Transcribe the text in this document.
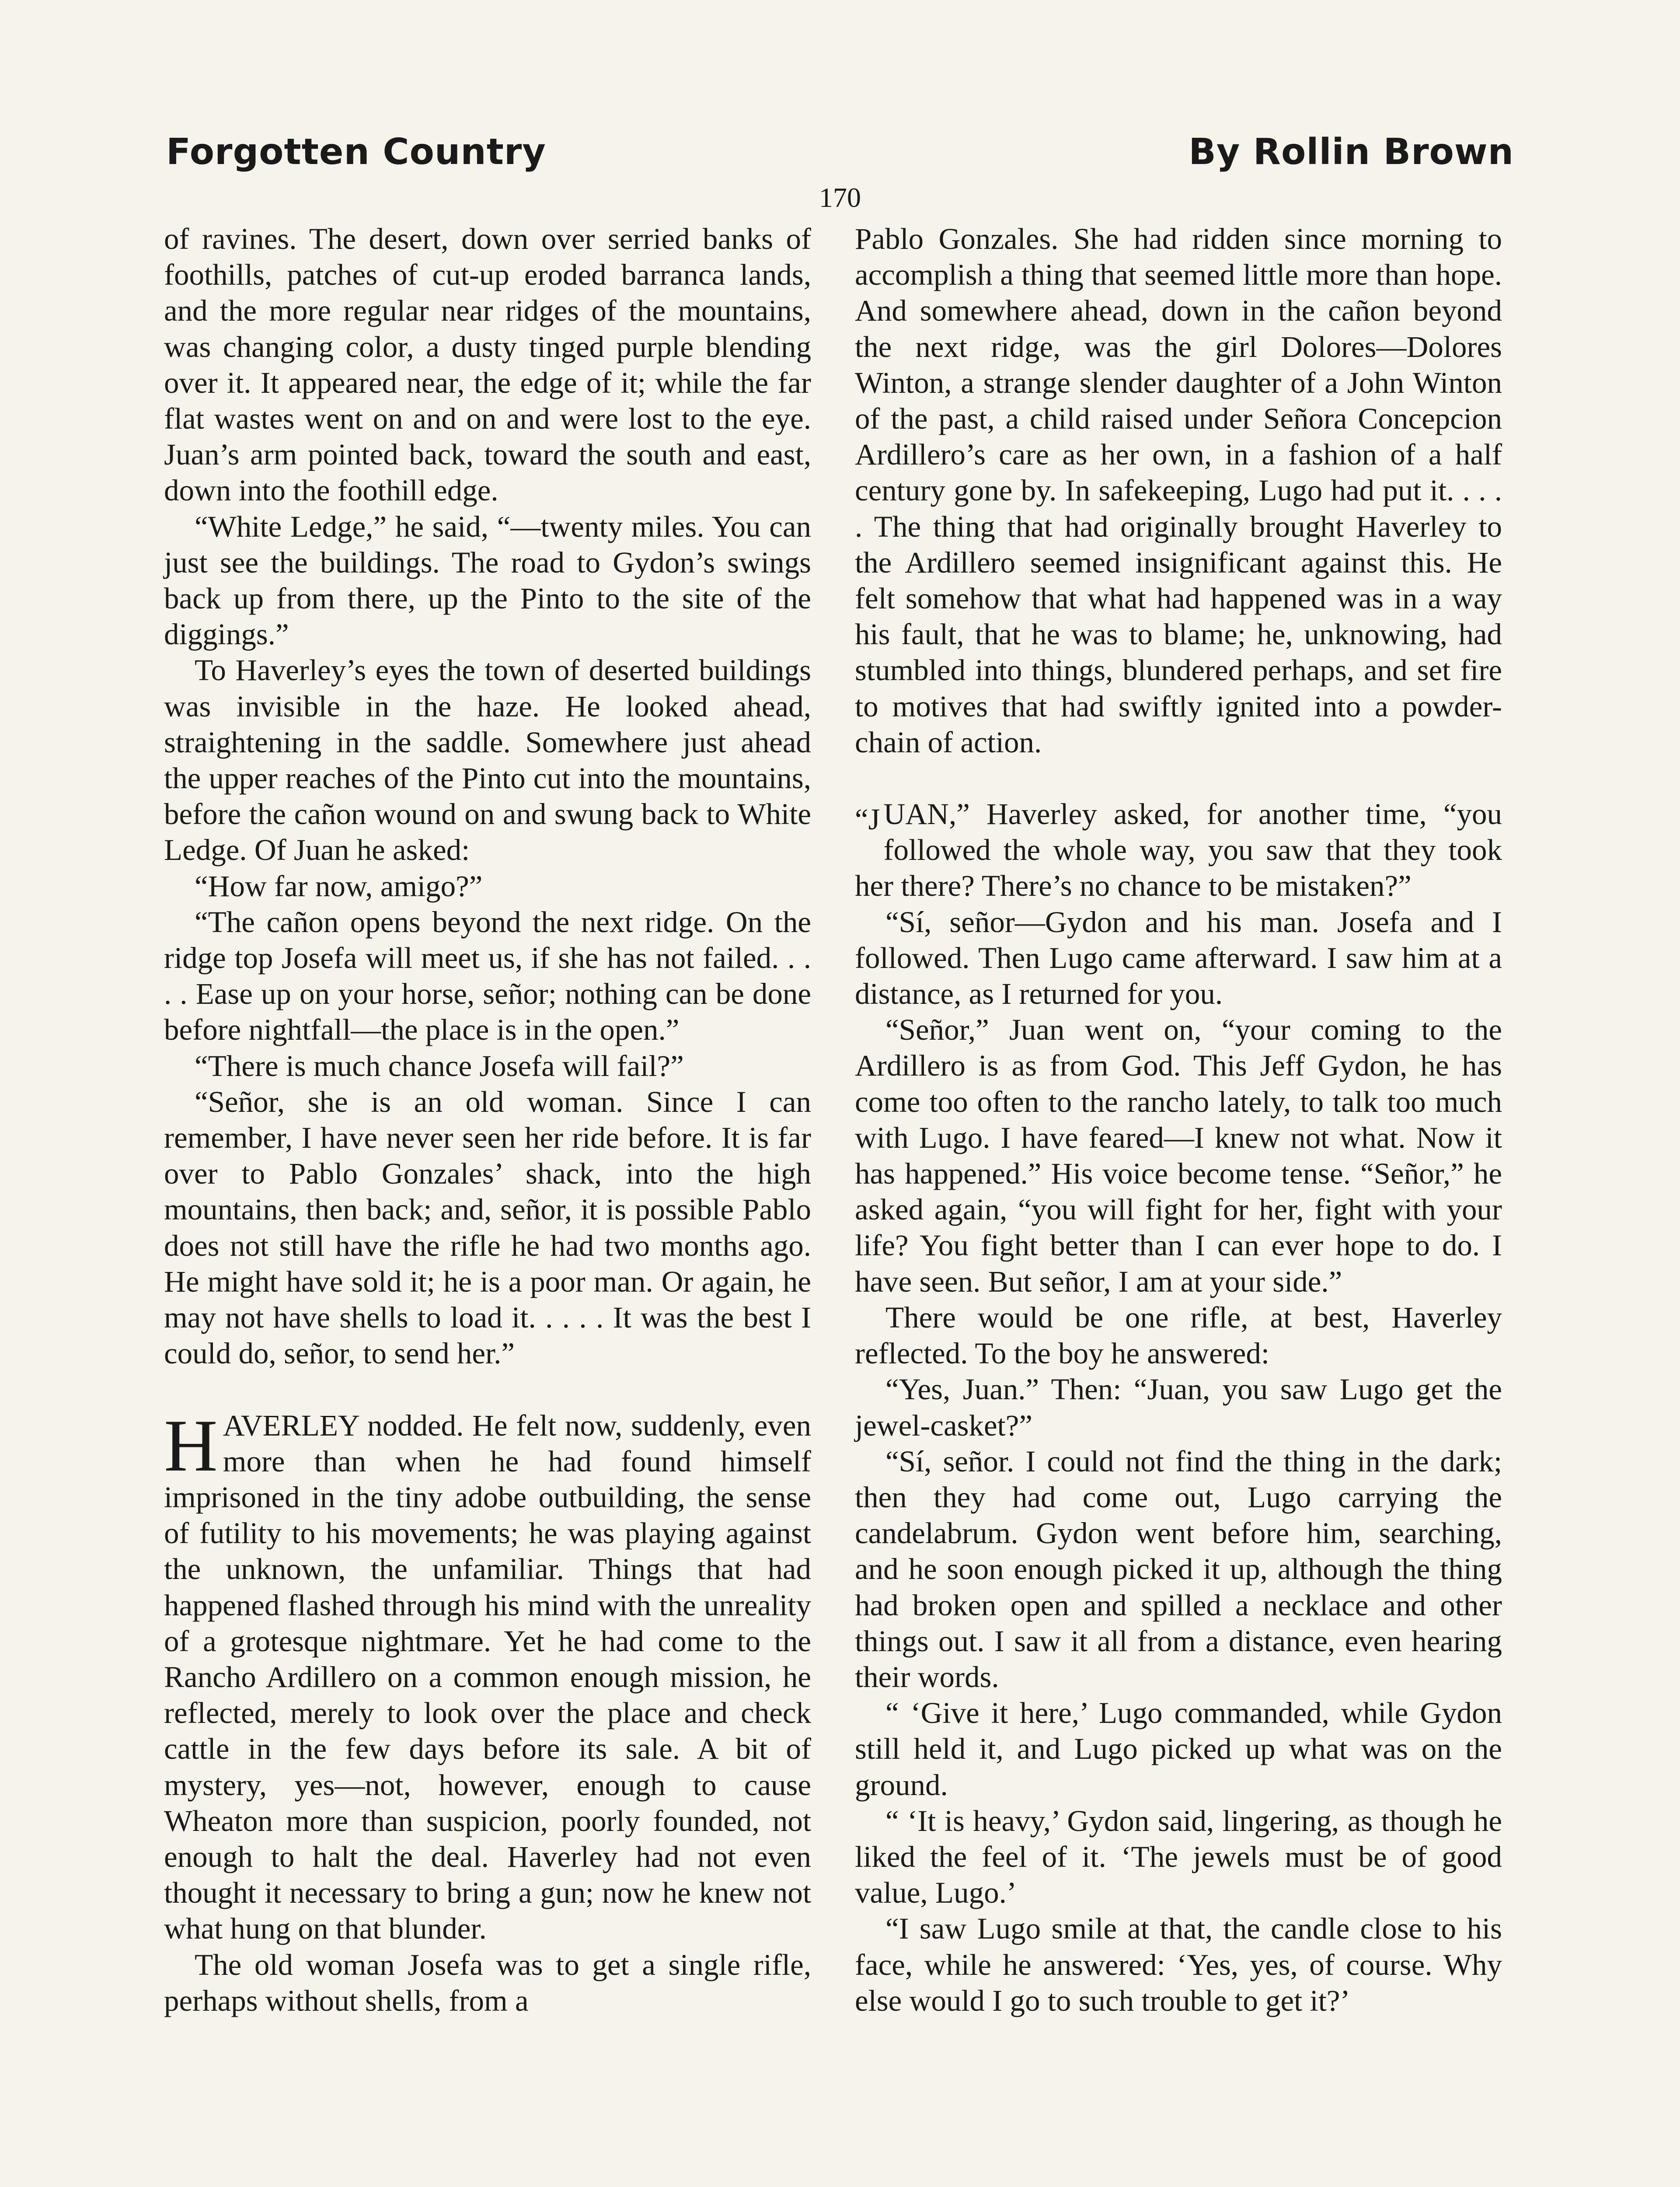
Forgotten Country	By Rollin Brown
170

of ravines. The desert, down over serried banks of foothills, patches of cut-up eroded barranca lands, and the more regular near ridges of the mountains, was changing color, a dusty tinged purple blending over it. It appeared near, the edge of it; while the far flat wastes went on and on and were lost to the eye. Juan’s arm pointed back, toward the south and east, down into the foothill edge.

“White Ledge,” he said, “—twenty miles. You can just see the buildings. The road to Gydon’s swings back up from there, up the Pinto to the site of the diggings.”

To Haverley’s eyes the town of deserted buildings was invisible in the haze. He looked ahead, straightening in the saddle. Somewhere just ahead the upper reaches of the Pinto cut into the mountains, before the cañon wound on and swung back to White Ledge. Of Juan he asked:

“How far now, amigo?”

“The cañon opens beyond the next ridge. On the ridge top Josefa will meet us, if she has not failed. . . . . Ease up on your horse, señor; nothing can be done before nightfall—the place is in the open.”

“There is much chance Josefa will fail?”

“Señor, she is an old woman. Since I can remember, I have never seen her ride before. It is far over to Pablo Gonzales’ shack, into the high mountains, then back; and, señor, it is possible Pablo does not still have the rifle he had two months ago. He might have sold it; he is a poor man. Or again, he may not have shells to load it. . . . . It was the best I could do, señor, to send her.”

HAVERLEY nodded. He felt now, suddenly, even more than when he had found himself imprisoned in the tiny adobe outbuilding, the sense of futility to his movements; he was playing against the unknown, the unfamiliar. Things that had happened flashed through his mind with the unreality of a grotesque nightmare. Yet he had come to the Rancho Ardillero on a common enough mission, he reflected, merely to look over the place and check cattle in the few days before its sale. A bit of mystery, yes—not, however, enough to cause Wheaton more than suspicion, poorly founded, not enough to halt the deal. Haverley had not even thought it necessary to bring a gun; now he knew not what hung on that blunder.

The old woman Josefa was to get a single rifle, perhaps without shells, from a

Pablo Gonzales. She had ridden since morning to accomplish a thing that seemed little more than hope. And somewhere ahead, down in the cañon beyond the next ridge, was the girl Dolores—Dolores Winton, a strange slender daughter of a John Winton of the past, a child raised under Señora Concepcion Ardillero’s care as her own, in a fashion of a half century gone by. In safekeeping, Lugo had put it. . . . . The thing that had originally brought Haverley to the Ardillero seemed insignificant against this. He felt somehow that what had happened was in a way his fault, that he was to blame; he, unknowing, had stumbled into things, blundered perhaps, and set fire to motives that had swiftly ignited into a powder-chain of action.

“J UAN,” Haverley asked, for another time, “you followed the whole way, you saw that they took her there? There’s no chance to be mistaken?”

“Sí, señor—Gydon and his man. Josefa and I followed. Then Lugo came afterward. I saw him at a distance, as I returned for you.

“Señor,” Juan went on, “your coming to the Ardillero is as from God. This Jeff Gydon, he has come too often to the rancho lately, to talk too much with Lugo. I have feared—I knew not what. Now it has happened.” His voice become tense. “Señor,” he asked again, “you will fight for her, fight with your life? You fight better than I can ever hope to do. I have seen. But señor, I am at your side.”

There would be one rifle, at best, Haverley reflected. To the boy he answered:

“Yes, Juan.” Then: “Juan, you saw Lugo get the jewel-casket?”

“Sí, señor. I could not find the thing in the dark; then they had come out, Lugo carrying the candelabrum. Gydon went before him, searching, and he soon enough picked it up, although the thing had broken open and spilled a necklace and other things out. I saw it all from a distance, even hearing their words.

“ ‘Give it here,’ Lugo commanded, while Gydon still held it, and Lugo picked up what was on the ground.

“ ‘It is heavy,’ Gydon said, lingering, as though he liked the feel of it. ‘The jewels must be of good value, Lugo.’

“I saw Lugo smile at that, the candle close to his face, while he answered: ‘Yes, yes, of course. Why else would I go to such trouble to get it?’
